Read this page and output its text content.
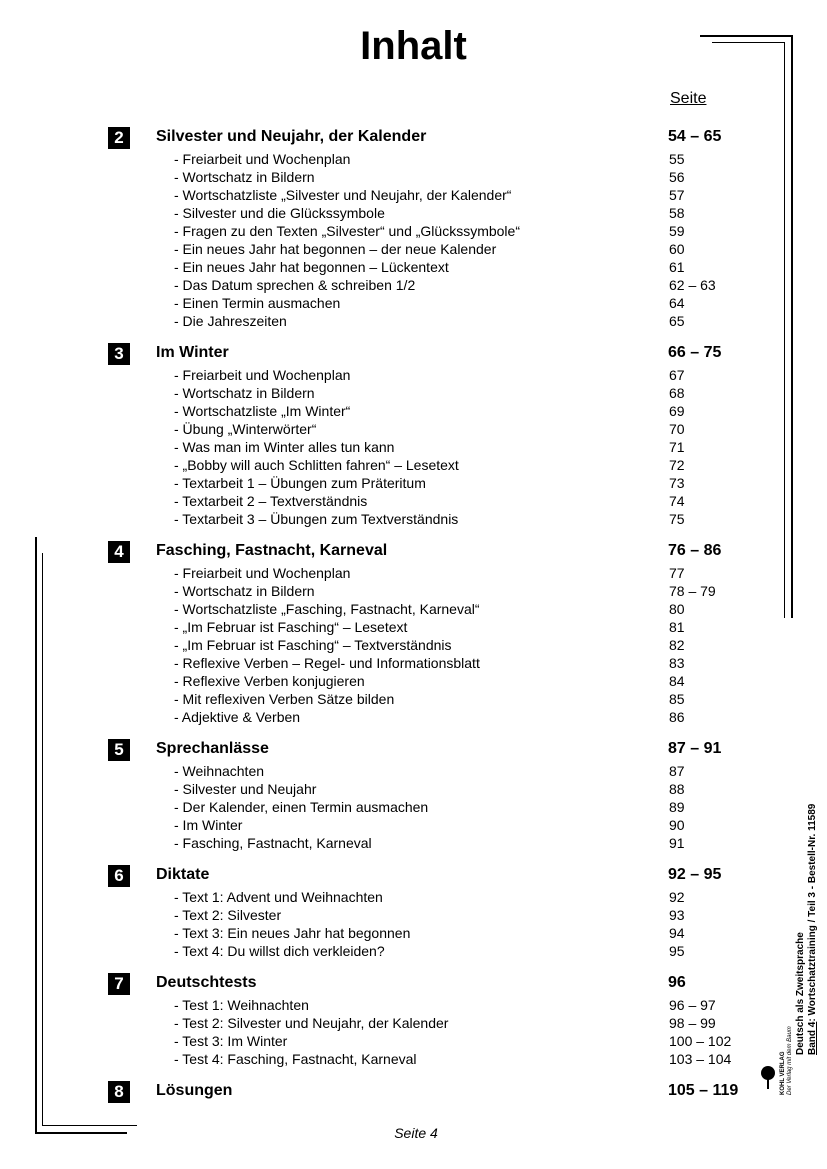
Inhalt
Seite
2	Silvester und Neujahr, der Kalender	54 – 65
- Freiarbeit und Wochenplan	55
- Wortschatz in Bildern	56
- Wortschatzliste „Silvester und Neujahr, der Kalender“	57
- Silvester und die Glückssymbole	58
- Fragen zu den Texten „Silvester“ und „Glückssymbole“	59
- Ein neues Jahr hat begonnen – der neue Kalender	60
- Ein neues Jahr hat begonnen – Lückentext	61
- Das Datum sprechen & schreiben 1/2	62 – 63
- Einen Termin ausmachen	64
- Die Jahreszeiten	65
3	Im Winter	66 – 75
- Freiarbeit und Wochenplan	67
- Wortschatz in Bildern	68
- Wortschatzliste „Im Winter“	69
- Übung „Winterwörter“	70
- Was man im Winter alles tun kann	71
- „Bobby will auch Schlitten fahren“ – Lesetext	72
- Textarbeit 1 – Übungen zum Präteritum	73
- Textarbeit 2 – Textverständnis	74
- Textarbeit 3 – Übungen zum Textverständnis	75
4	Fasching, Fastnacht, Karneval	76 – 86
- Freiarbeit und Wochenplan	77
- Wortschatz in Bildern	78 – 79
- Wortschatzliste „Fasching, Fastnacht, Karneval“	80
- „Im Februar ist Fasching“ – Lesetext	81
- „Im Februar ist Fasching“ – Textverständnis	82
- Reflexive Verben – Regel- und Informationsblatt	83
- Reflexive Verben konjugieren	84
- Mit reflexiven Verben Sätze bilden	85
- Adjektive & Verben	86
5	Sprechanlässe	87 – 91
- Weihnachten	87
- Silvester und Neujahr	88
- Der Kalender, einen Termin ausmachen	89
- Im Winter	90
- Fasching, Fastnacht, Karneval	91
6	Diktate	92 – 95
- Text 1: Advent und Weihnachten	92
- Text 2: Silvester	93
- Text 3: Ein neues Jahr hat begonnen	94
- Text 4: Du willst dich verkleiden?	95
7	Deutschtests	96
- Test 1: Weihnachten	96 – 97
- Test 2: Silvester und Neujahr, der Kalender	98 – 99
- Test 3: Im Winter	100 – 102
- Test 4: Fasching, Fastnacht, Karneval	103 – 104
8	Lösungen	105 – 119
Seite 4
Deutsch als Zweitsprache Band 4: Wortschatztraining / Teil 3 - Bestell-Nr. 11589
KOHL VERLAG Der Verlag mit dem Baum
